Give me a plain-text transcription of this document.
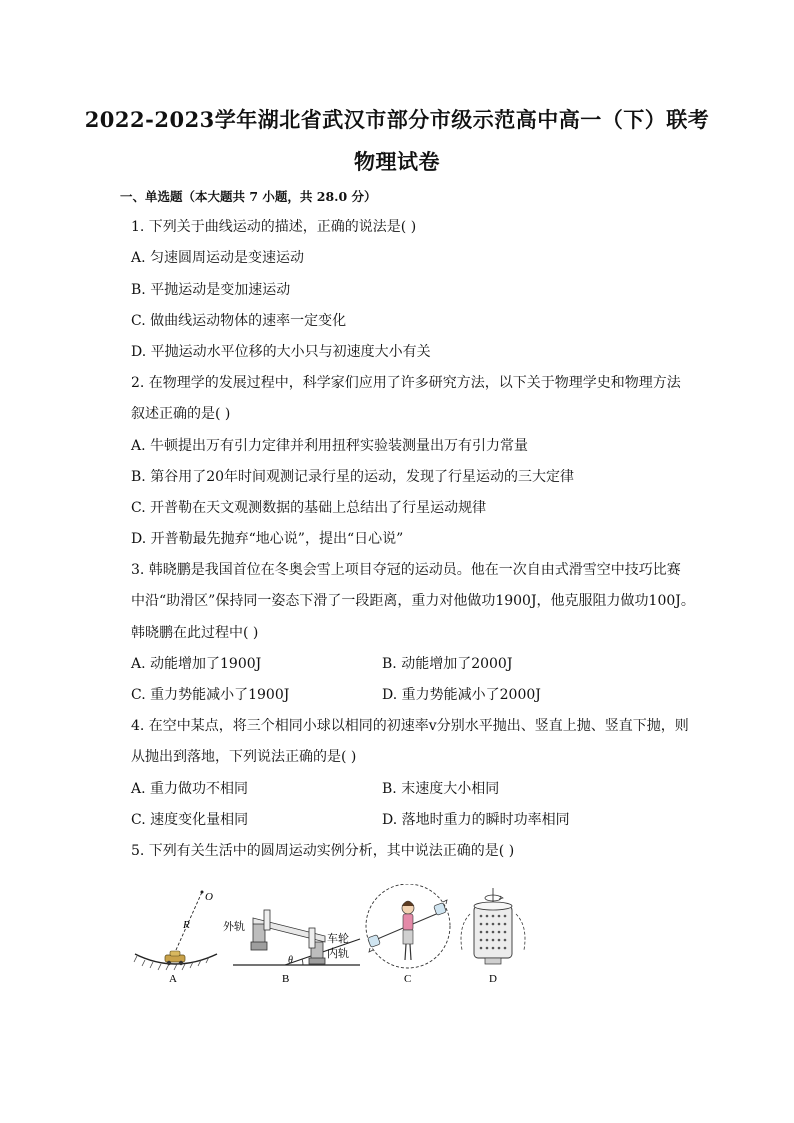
2022-2023学年湖北省武汉市部分市级示范高中高一（下）联考
物理试卷
一、单选题（本大题共 7 小题，共 28.0 分）
1. 下列关于曲线运动的描述，正确的说法是( )
A. 匀速圆周运动是变速运动
B. 平抛运动是变加速运动
C. 做曲线运动物体的速率一定变化
D. 平抛运动水平位移的大小只与初速度大小有关
2. 在物理学的发展过程中，科学家们应用了许多研究方法，以下关于物理学史和物理方法
叙述正确的是( )
A. 牛顿提出万有引力定律并利用扭秤实验装测量出万有引力常量
B. 第谷用了20年时间观测记录行星的运动，发现了行星运动的三大定律
C. 开普勒在天文观测数据的基础上总结出了行星运动规律
D. 开普勒最先抛弃“地心说”，提出“日心说”
3. 韩晓鹏是我国首位在冬奥会雪上项目夺冠的运动员。他在一次自由式滑雪空中技巧比赛
中沿“助滑区”保持同一姿态下滑了一段距离，重力对他做功1900J，他克服阻力做功100J。
韩晓鹏在此过程中( )
A. 动能增加了1900J	B. 动能增加了2000J
C. 重力势能减小了1900J	D. 重力势能减小了2000J
4. 在空中某点，将三个相同小球以相同的初速率v分别水平抛出、竖直上抛、竖直下抛，则
从抛出到落地，下列说法正确的是( )
A. 重力做功不相同	B. 末速度大小相同
C. 速度变化量相同	D. 落地时重力的瞬时功率相同
5. 下列有关生活中的圆周运动实例分析，其中说法正确的是( )
O
R
A
θ
外轨
车轮
内轨
B	C	D
